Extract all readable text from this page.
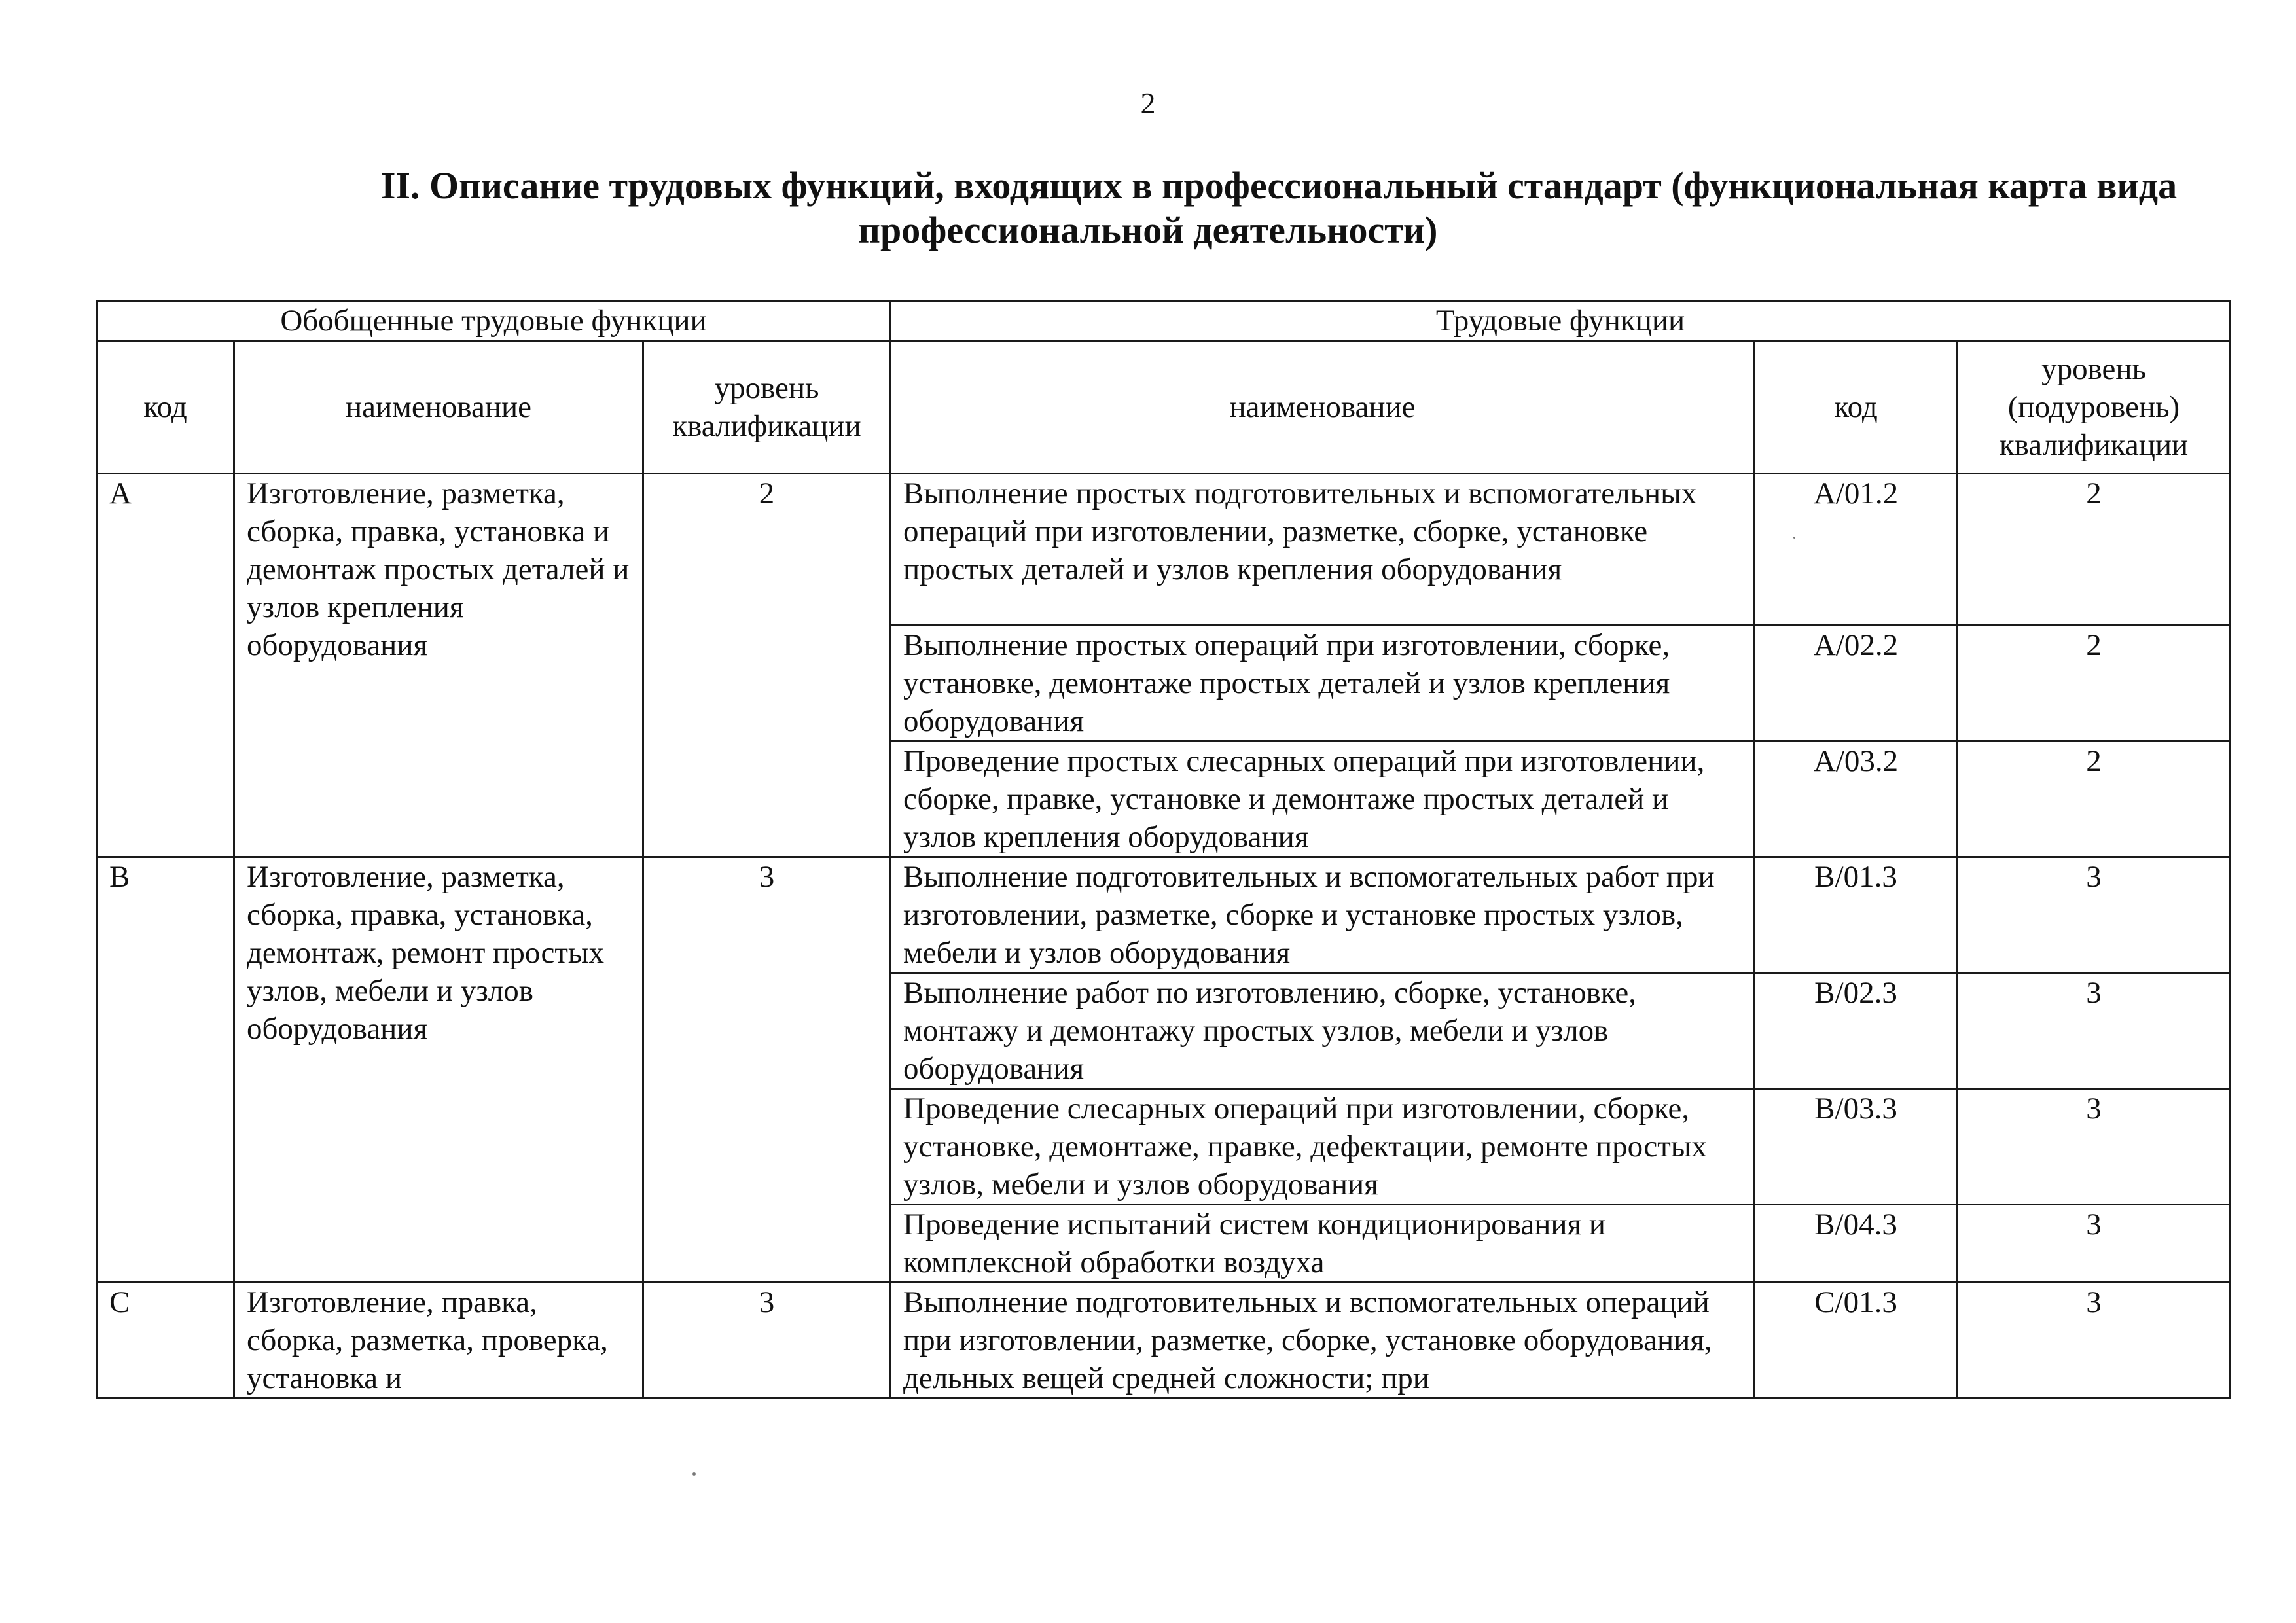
2
II. Описание трудовых функций, входящих в профессиональный стандарт (функциональная карта вида
профессиональной деятельности)
Обобщенные трудовые функции			Трудовые функции		
код	наименование	уровень квалификации	наименование	код	уровень (подуровень) квалификации
A	Изготовление, разметка, сборка, правка, установка и демонтаж простых деталей и узлов крепления оборудования	2	Выполнение простых подготовительных и вспомогательных операций при изготовлении, разметке, сборке, установке простых деталей и узлов крепления оборудования	A/01.2	2
			Выполнение простых операций при изготовлении, сборке, установке, демонтаже простых деталей и узлов крепления оборудования	A/02.2	2
			Проведение простых слесарных операций при изготовлении, сборке, правке, установке и демонтаже простых деталей и узлов крепления оборудования	A/03.2	2
B	Изготовление, разметка, сборка, правка, установка, демонтаж, ремонт простых узлов, мебели и узлов оборудования	3	Выполнение подготовительных и вспомогательных работ при изготовлении, разметке, сборке и установке простых узлов, мебели и узлов оборудования	B/01.3	3
			Выполнение работ по изготовлению, сборке, установке, монтажу и демонтажу простых узлов, мебели и узлов оборудования	B/02.3	3
			Проведение слесарных операций при изготовлении, сборке, установке, демонтаже, правке, дефектации, ремонте простых узлов, мебели и узлов оборудования	B/03.3	3
			Проведение испытаний систем кондиционирования и комплексной обработки воздуха	B/04.3	3
C	Изготовление, правка, сборка, разметка, проверка, установка и	3	Выполнение подготовительных и вспомогательных операций при изготовлении, разметке, сборке, установке оборудования, дельных вещей средней сложности; при	C/01.3	3
